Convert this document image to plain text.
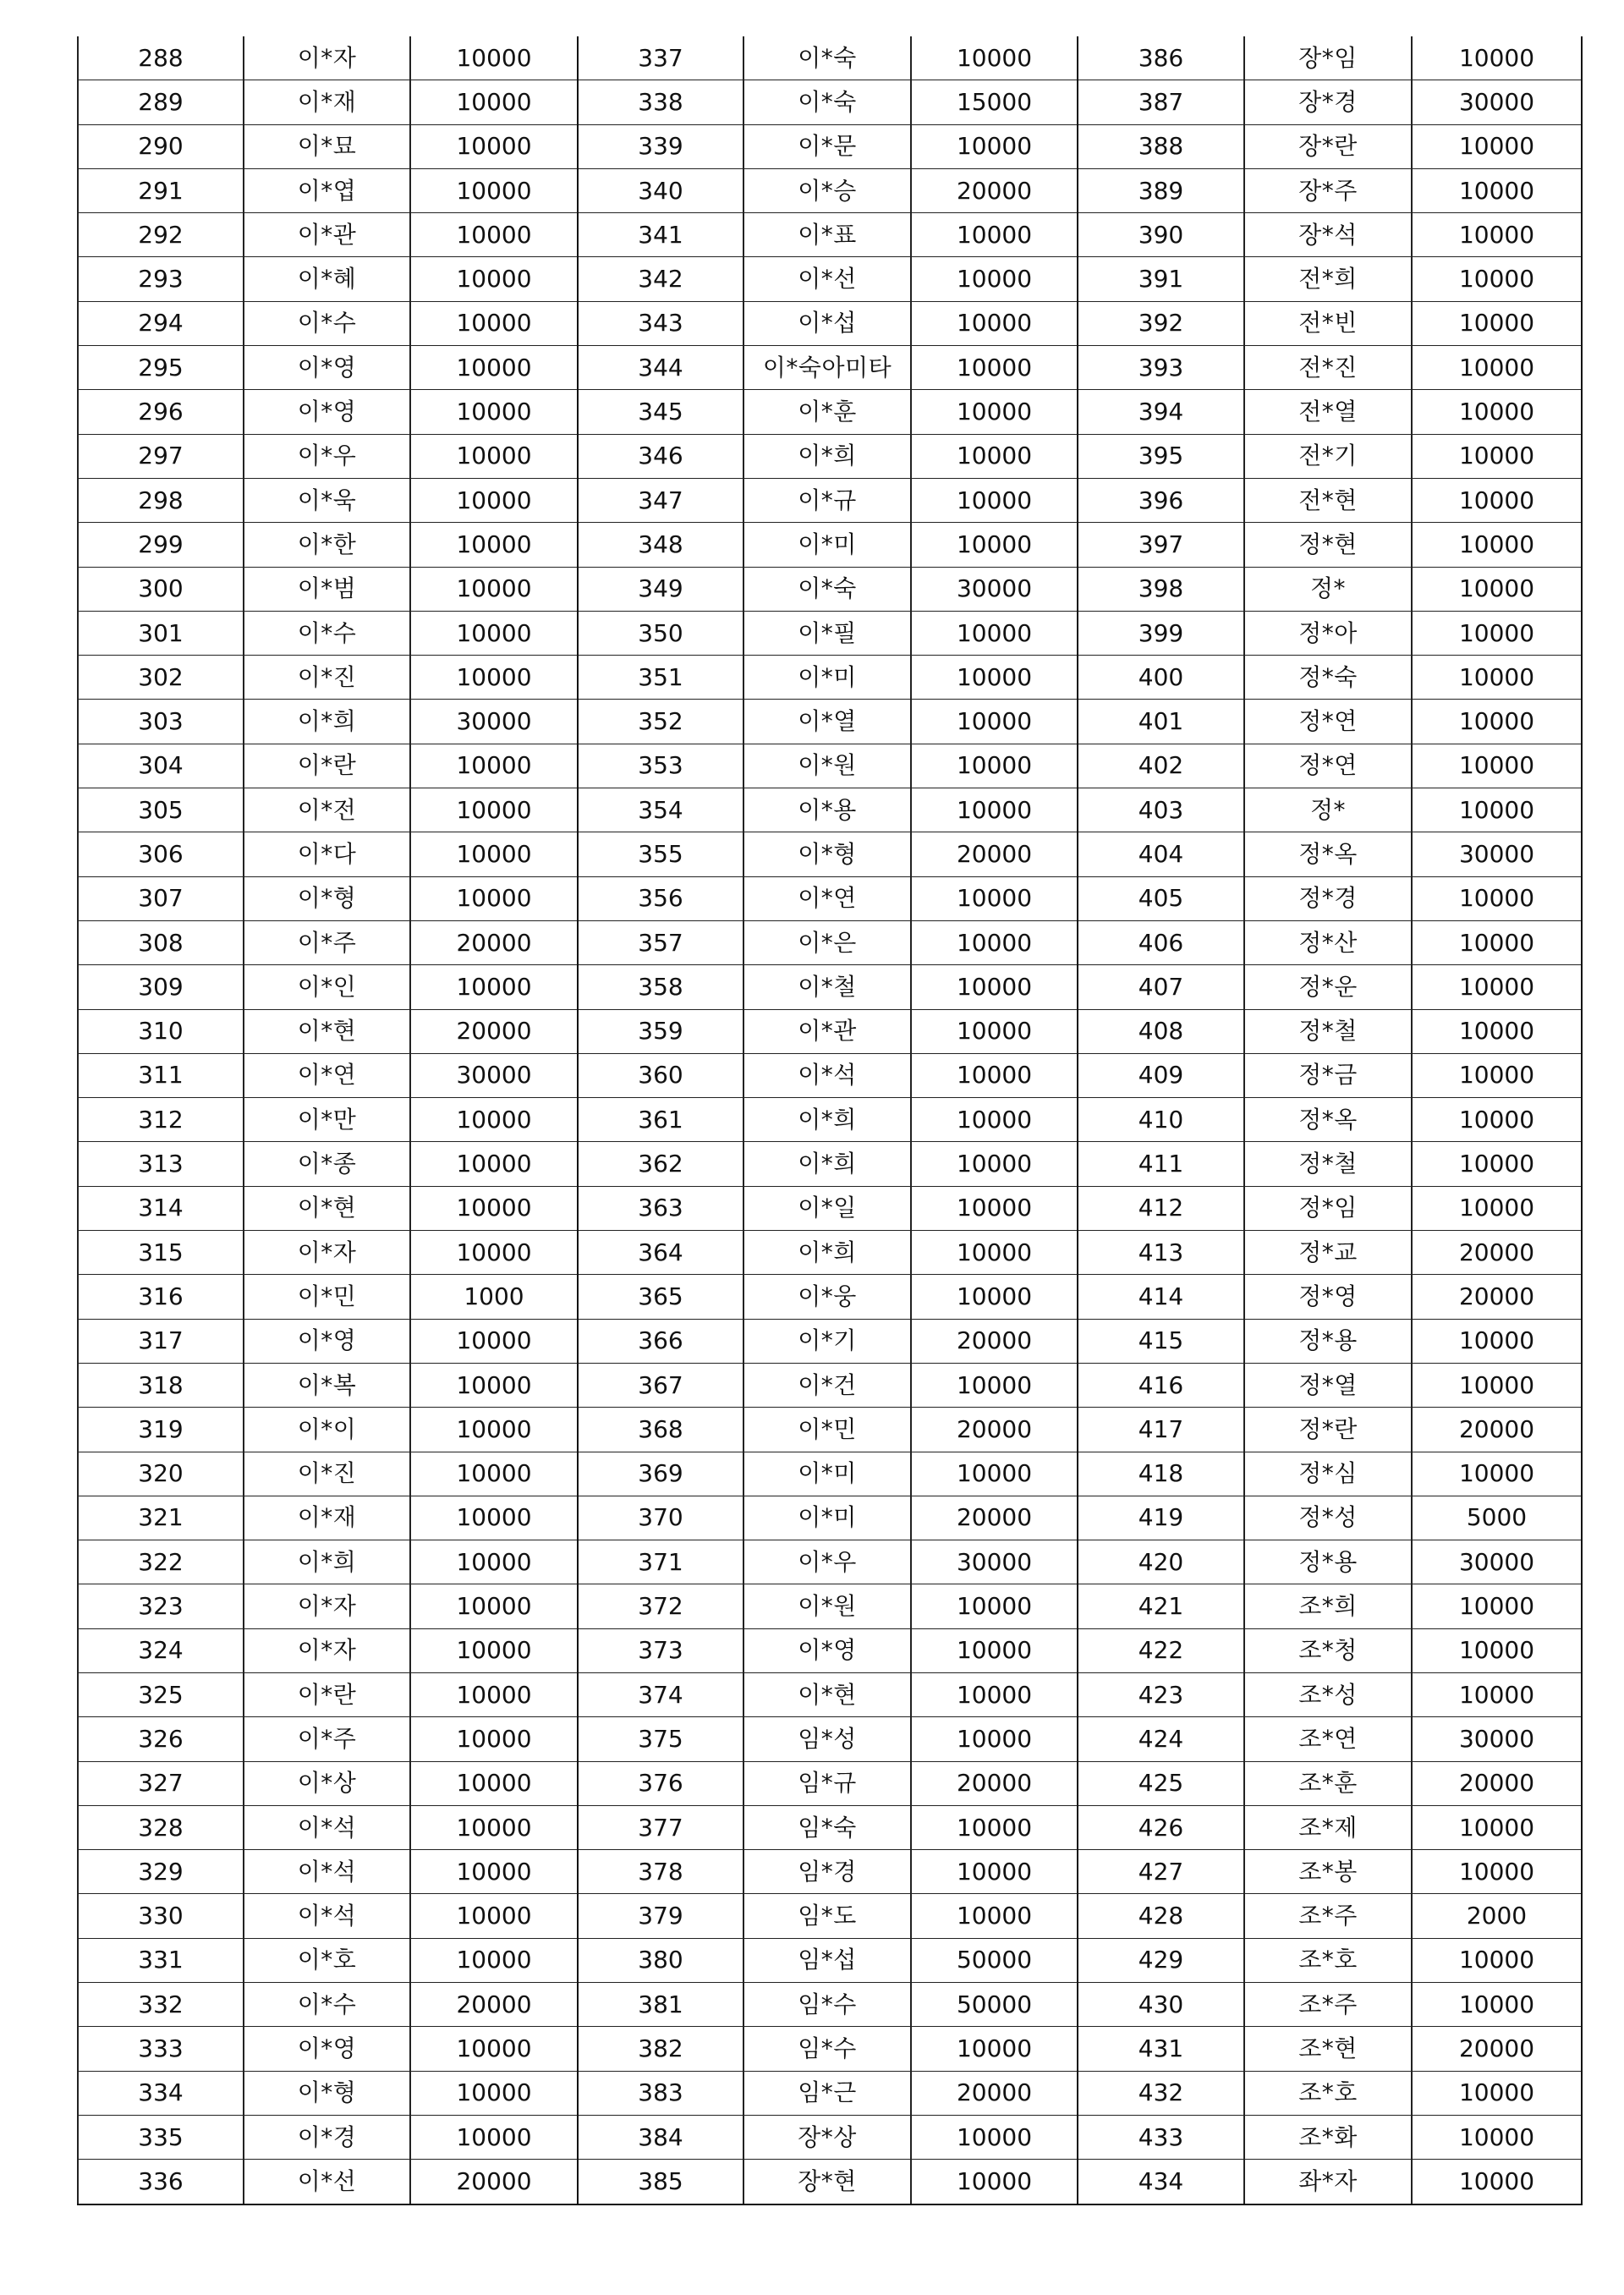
288	이*자	10000	337	이*숙	10000	386	장*임	10000
289	이*재	10000	338	이*숙	15000	387	장*경	30000
290	이*묘	10000	339	이*문	10000	388	장*란	10000
291	이*엽	10000	340	이*승	20000	389	장*주	10000
292	이*관	10000	341	이*표	10000	390	장*석	10000
293	이*혜	10000	342	이*선	10000	391	전*희	10000
294	이*수	10000	343	이*섭	10000	392	전*빈	10000
295	이*영	10000	344	이*숙아미타	10000	393	전*진	10000
296	이*영	10000	345	이*훈	10000	394	전*열	10000
297	이*우	10000	346	이*희	10000	395	전*기	10000
298	이*욱	10000	347	이*규	10000	396	전*현	10000
299	이*한	10000	348	이*미	10000	397	정*현	10000
300	이*범	10000	349	이*숙	30000	398	정*	10000
301	이*수	10000	350	이*필	10000	399	정*아	10000
302	이*진	10000	351	이*미	10000	400	정*숙	10000
303	이*희	30000	352	이*열	10000	401	정*연	10000
304	이*란	10000	353	이*원	10000	402	정*연	10000
305	이*전	10000	354	이*용	10000	403	정*	10000
306	이*다	10000	355	이*형	20000	404	정*옥	30000
307	이*형	10000	356	이*연	10000	405	정*경	10000
308	이*주	20000	357	이*은	10000	406	정*산	10000
309	이*인	10000	358	이*철	10000	407	정*운	10000
310	이*현	20000	359	이*관	10000	408	정*철	10000
311	이*연	30000	360	이*석	10000	409	정*금	10000
312	이*만	10000	361	이*희	10000	410	정*옥	10000
313	이*종	10000	362	이*희	10000	411	정*철	10000
314	이*현	10000	363	이*일	10000	412	정*임	10000
315	이*자	10000	364	이*희	10000	413	정*교	20000
316	이*민	1000	365	이*웅	10000	414	정*영	20000
317	이*영	10000	366	이*기	20000	415	정*용	10000
318	이*복	10000	367	이*건	10000	416	정*열	10000
319	이*이	10000	368	이*민	20000	417	정*란	20000
320	이*진	10000	369	이*미	10000	418	정*심	10000
321	이*재	10000	370	이*미	20000	419	정*성	5000
322	이*희	10000	371	이*우	30000	420	정*용	30000
323	이*자	10000	372	이*원	10000	421	조*희	10000
324	이*자	10000	373	이*영	10000	422	조*청	10000
325	이*란	10000	374	이*현	10000	423	조*성	10000
326	이*주	10000	375	임*성	10000	424	조*연	30000
327	이*상	10000	376	임*규	20000	425	조*훈	20000
328	이*석	10000	377	임*숙	10000	426	조*제	10000
329	이*석	10000	378	임*경	10000	427	조*봉	10000
330	이*석	10000	379	임*도	10000	428	조*주	2000
331	이*호	10000	380	임*섭	50000	429	조*호	10000
332	이*수	20000	381	임*수	50000	430	조*주	10000
333	이*영	10000	382	임*수	10000	431	조*현	20000
334	이*형	10000	383	임*근	20000	432	조*호	10000
335	이*경	10000	384	장*상	10000	433	조*화	10000
336	이*선	20000	385	장*현	10000	434	좌*자	10000
